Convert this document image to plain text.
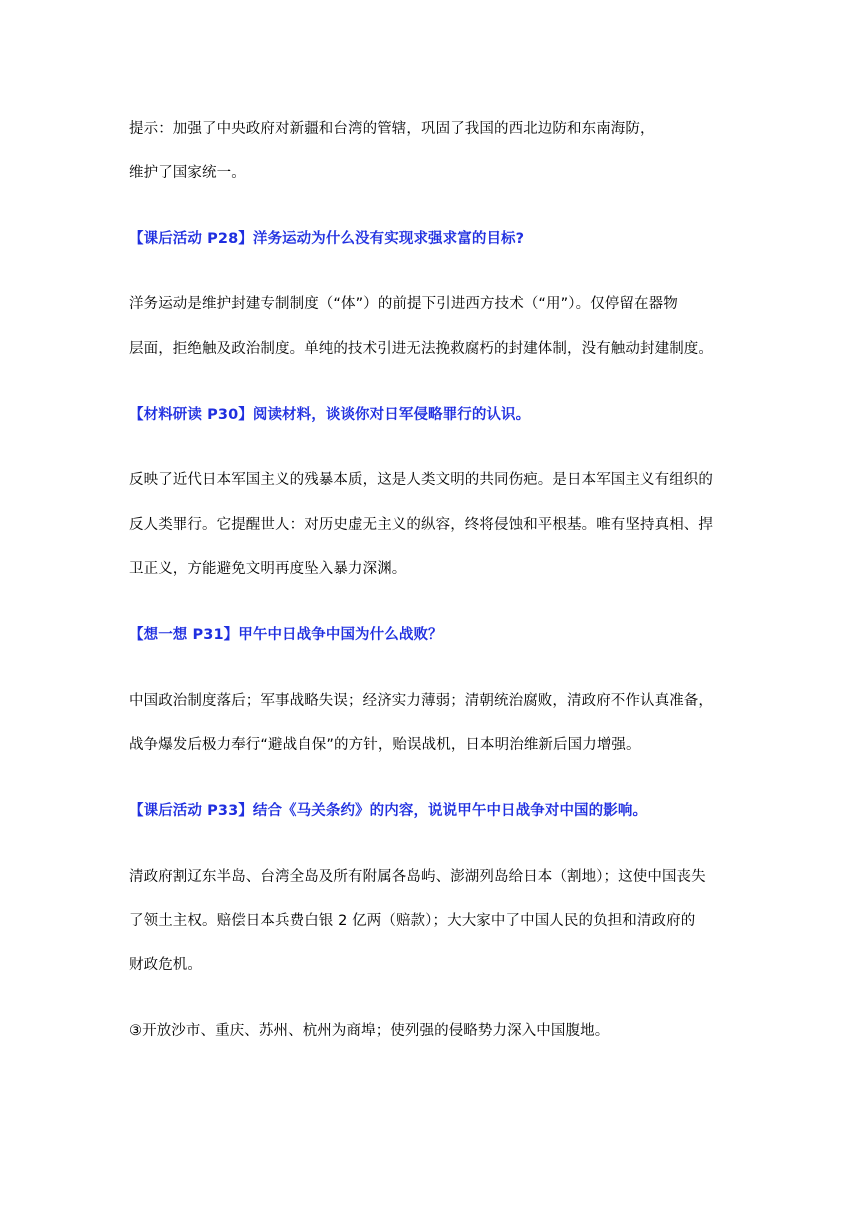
提示：加强了中央政府对新疆和台湾的管辖，巩固了我国的西北边防和东南海防，
维护了国家统一。
【课后活动 P28】洋务运动为什么没有实现求强求富的目标?
洋务运动是维护封建专制制度（“体”）的前提下引进西方技术（“用”）。仅停留在器物
层面，拒绝触及政治制度。单纯的技术引进无法挽救腐朽的封建体制，没有触动封建制度。
【材料研读 P30】阅读材料，谈谈你对日军侵略罪行的认识。
反映了近代日本军国主义的残暴本质，这是人类文明的共同伤疤。是日本军国主义有组织的
反人类罪行。它提醒世人：对历史虚无主义的纵容，终将侵蚀和平根基。唯有坚持真相、捍
卫正义，方能避免文明再度坠入暴力深渊。
【想一想 P31】甲午中日战争中国为什么战败？
中国政治制度落后；军事战略失误；经济实力薄弱；清朝统治腐败，清政府不作认真准备，
战争爆发后极力奉行“避战自保”的方针，贻误战机，日本明治维新后国力增强。
【课后活动 P33】结合《马关条约》的内容，说说甲午中日战争对中国的影响。
清政府割辽东半岛、台湾全岛及所有附属各岛屿、澎湖列岛给日本（割地）；这使中国丧失
了领土主权。赔偿日本兵费白银 2 亿两（赔款）；大大家中了中国人民的负担和清政府的
财政危机。
③开放沙市、重庆、苏州、杭州为商埠；使列强的侵略势力深入中国腹地。
